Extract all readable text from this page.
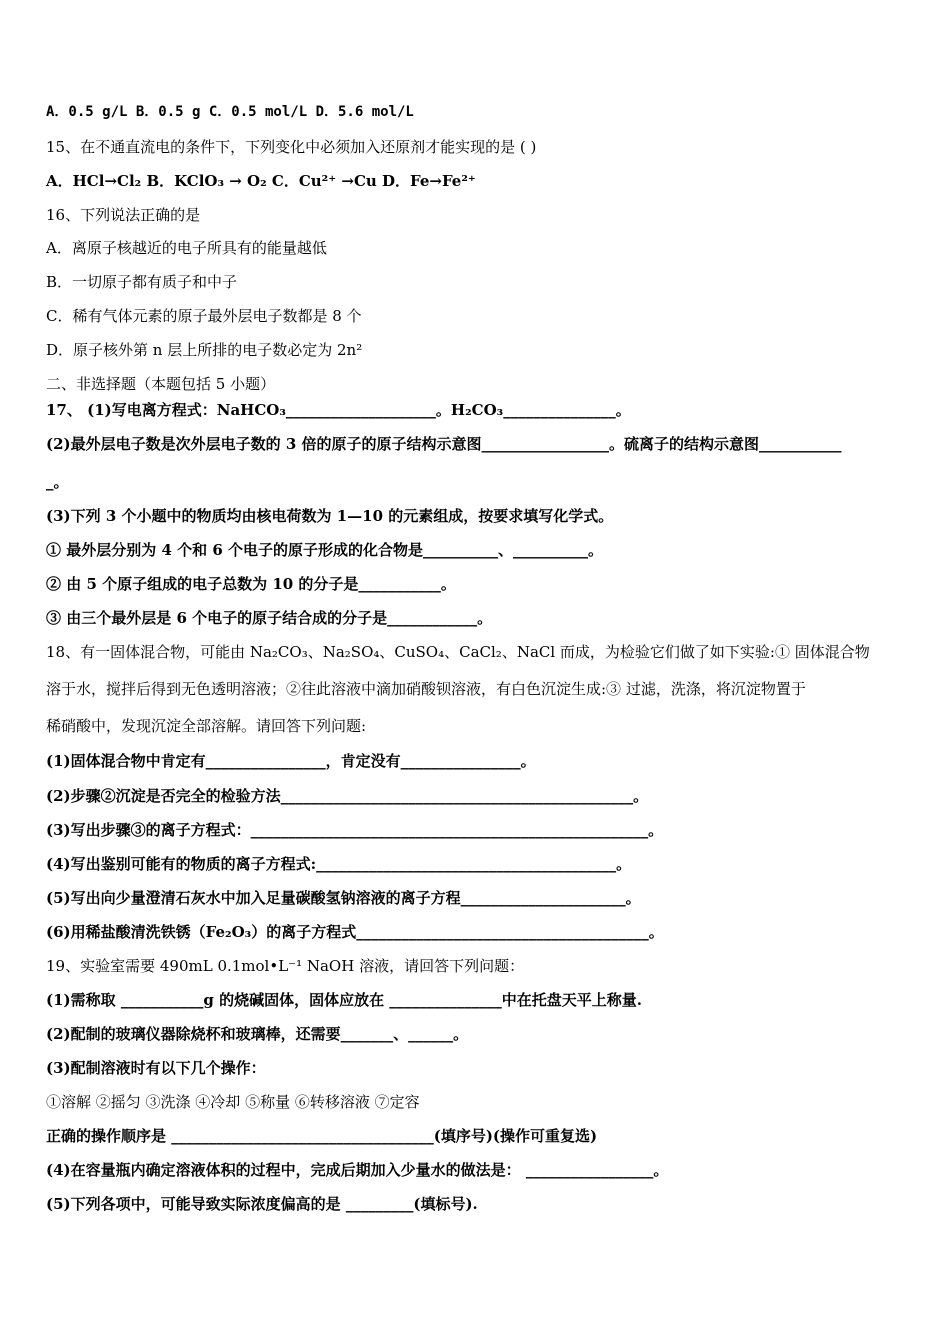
A．0.5 g/L B．0.5 g C．0.5 mol/L D．5.6 mol/L
15、在不通直流电的条件下，下列变化中必须加入还原剂才能实现的是 ( )
A．HCl→Cl₂ B．KClO₃ → O₂ C．Cu²⁺ →Cu D．Fe→Fe²⁺
16、下列说法正确的是
A．离原子核越近的电子所具有的能量越低
B．一切原子都有质子和中子
C．稀有气体元素的原子最外层电子数都是 8 个
D．原子核外第 n 层上所排的电子数必定为 2n²
二、非选择题（本题包括 5 小题）
17、 (1)写电离方程式：NaHCO₃____________________。H₂CO₃_______________。
(2)最外层电子数是次外层电子数的 3 倍的原子的原子结构示意图_________________。硫离子的结构示意图___________
_。
(3)下列 3 个小题中的物质均由核电荷数为 1—10 的元素组成，按要求填写化学式。
① 最外层分别为 4 个和 6 个电子的原子形成的化合物是__________、__________。
② 由 5 个原子组成的电子总数为 10 的分子是___________。
③ 由三个最外层是 6 个电子的原子结合成的分子是____________。
18、有一固体混合物，可能由 Na₂CO₃、Na₂SO₄、CuSO₄、CaCl₂、NaCl 而成，为检验它们做了如下实验:① 固体混合物
溶于水，搅拌后得到无色透明溶液；②往此溶液中滴加硝酸钡溶液，有白色沉淀生成:③ 过滤，洗涤，将沉淀物置于
稀硝酸中，发现沉淀全部溶解。请回答下列问题:
(1)固体混合物中肯定有________________，肯定没有________________。
(2)步骤②沉淀是否完全的检验方法_______________________________________________。
(3)写出步骤③的离子方程式：_____________________________________________________。
(4)写出鉴别可能有的物质的离子方程式:________________________________________。
(5)写出向少量澄清石灰水中加入足量碳酸氢钠溶液的离子方程______________________。
(6)用稀盐酸清洗铁锈（Fe₂O₃）的离子方程式_______________________________________。
19、实验室需要 490mL 0.1mol•L⁻¹ NaOH 溶液，请回答下列问题：
(1)需称取 ___________g 的烧碱固体，固体应放在 _______________中在托盘天平上称量.
(2)配制的玻璃仪器除烧杯和玻璃棒，还需要_______、______。
(3)配制溶液时有以下几个操作：
①溶解 ②摇匀 ③洗涤 ④冷却 ⑤称量 ⑥转移溶液 ⑦定容
正确的操作顺序是 ___________________________________(填序号)(操作可重复选)
(4)在容量瓶内确定溶液体积的过程中，完成后期加入少量水的做法是： _________________。
(5)下列各项中，可能导致实际浓度偏高的是 _________(填标号).
